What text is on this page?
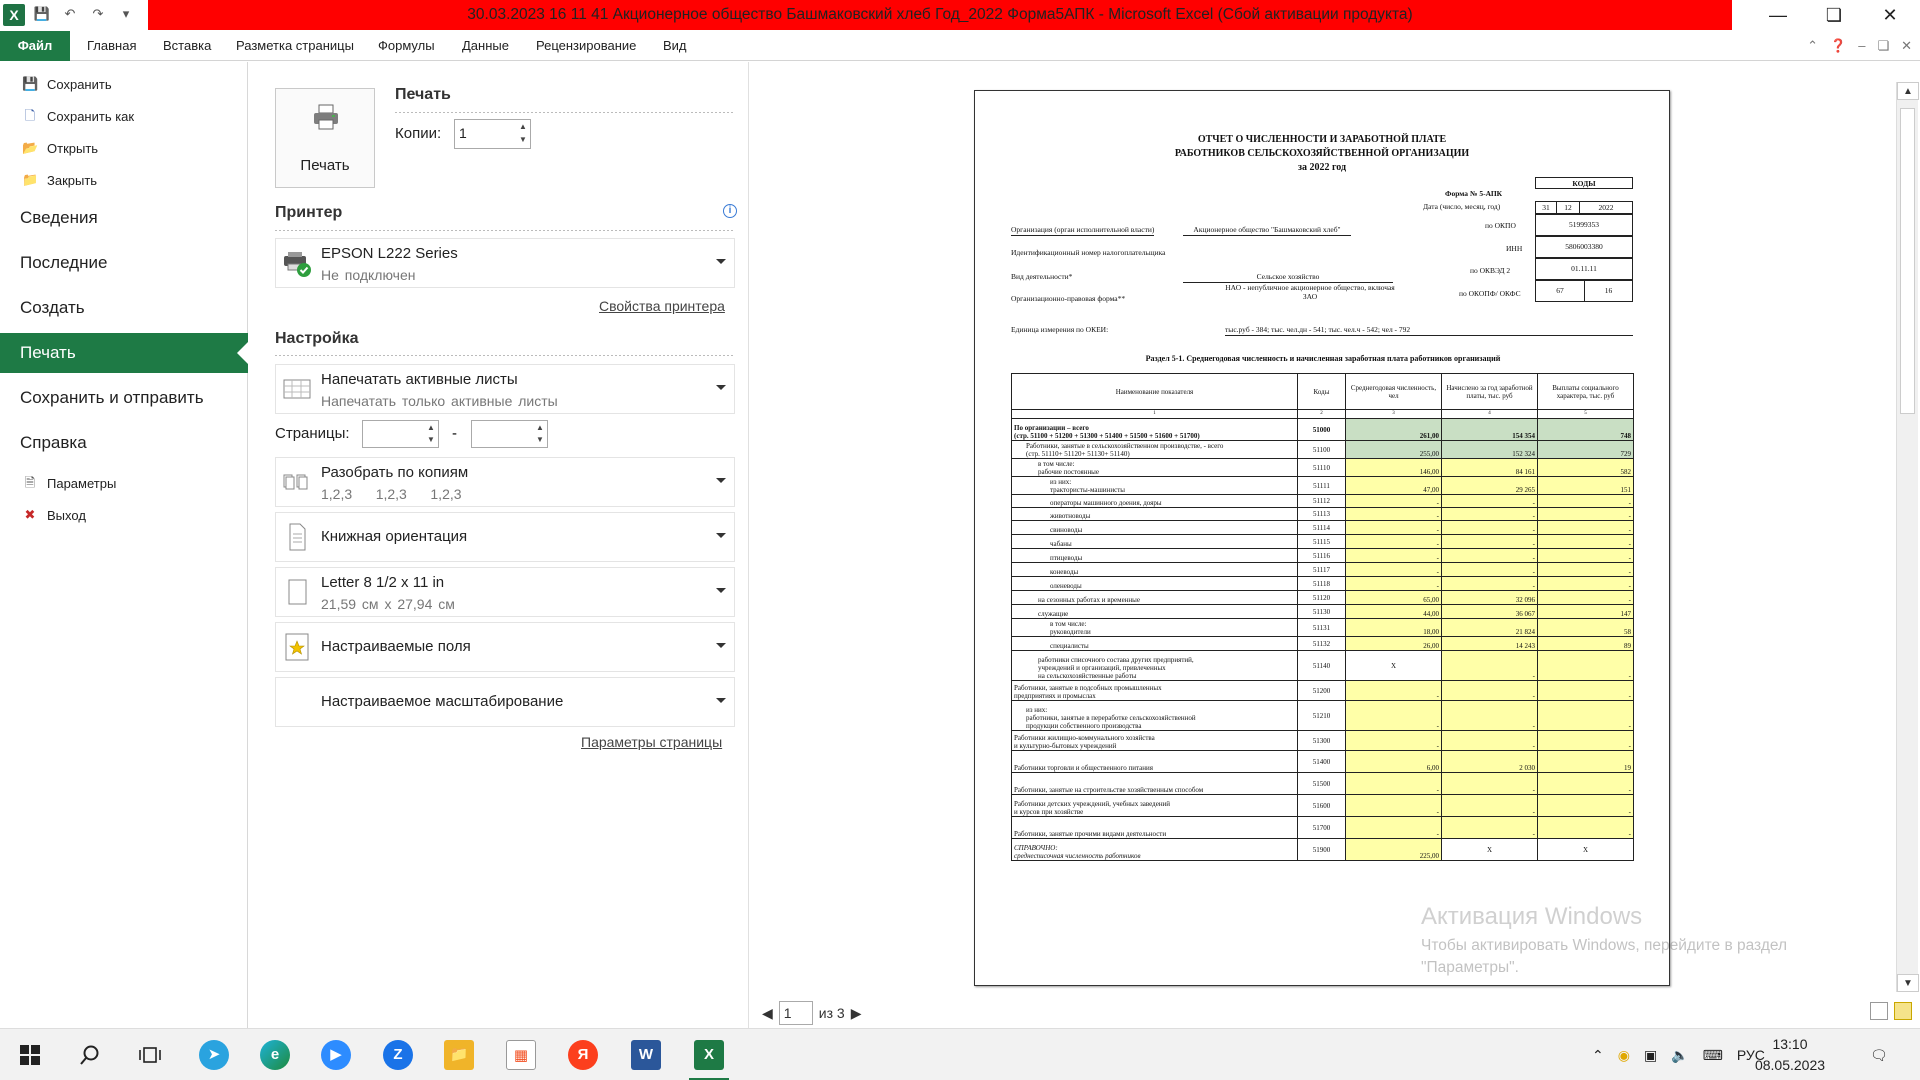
X	💾	↶	↷	▾	30.03.2023 16 11 41 Акционерное общество Башмаковский хлеб Год_2022 Форма5АПК - Microsoft Excel (Сбой активации продукта)	—	❏	✕
Файл	Главная Вставка Разметка страницы Формулы Данные Рецензирование Вид	⌃ ❓ – ❏ ✕
💾 Сохранить
🗋 Сохранить как
📂 Открыть
📁 Закрыть
Сведения
Последние
Создать
Печать
Сохранить и отправить
Справка
🗎 Параметры
✖ Выход
Печать
Печать
Копии:	1	▲
▼
Принтер	i
EPSON L222 Series
Не подключен
Свойства принтера
Настройка
Напечатать активные листы
Напечатать только активные листы
Страницы:	▲
▼ -	▲
▼
Разобрать по копиям
1,2,3    1,2,3    1,2,3
Книжная ориентация
Letter 8 1/2 x 11 in
21,59 см x 27,94 см
Настраиваемые поля
Настраиваемое масштабирование
Параметры страницы
ОТЧЕТ О ЧИСЛЕННОСТИ И ЗАРАБОТНОЙ ПЛАТЕ
РАБОТНИКОВ СЕЛЬСКОХОЗЯЙСТВЕННОЙ ОРГАНИЗАЦИИ
за 2022 год
КОДЫ
Форма № 5-АПК
Дата (число, месяц, год)	31	12	2022
Организация (орган исполнительной власти)	Акционерное общество "Башмаковский хлеб"	по ОКПО	51999353
Идентификационный номер налогоплательщика	ИНН	5806003380
Вид деятельности*	Сельское хозяйство
по ОКВЭД 2	01.11.11
Организационно-правовая форма**
НАО - непубличное акционерное общество, включая ЗАО	по ОКОПФ/ ОКФС	67	16
Единица измерения по ОКЕИ:	тыс.руб - 384; тыс. чел.дн - 541; тыс. чел.ч - 542; чел - 792
Раздел 5-1. Среднегодовая численность и начисленная заработная плата работников организаций
Наименование показателя	Коды	Среднегодовая численность, чел	Начислено за год заработной платы, тыс. руб	Выплаты социального характера, тыс. руб
1	2	3	4	5
По организации – всего
(стр. 51100 + 51200 + 51300 + 51400 + 51500 + 51600 + 51700)	51000	261,00	154 354	748
Работники, занятые в сельскохозяйственном производстве, - всего
(стр. 51110+ 51120+ 51130+ 51140)	51100	255,00	152 324	729
в том числе:
рабочие постоянные	51110	146,00	84 161	582
из них:
трактористы-машинисты	51111	47,00	29 265	151
операторы машинного доения, дояры	51112	-	-	-
животноводы	51113	-	-	-
свиноводы	51114	-	-	-
чабаны	51115	-	-	-
птицеводы	51116	-	-	-
коневоды	51117	-	-	-
оленеводы	51118	-	-	-
на сезонных работах и временные	51120	65,00	32 096	-
служащие	51130	44,00	36 067	147
в том числе:
руководители	51131	18,00	21 824	58
специалисты	51132	26,00	14 243	89
работники списочного состава других предприятий,
учреждений и организаций, привлеченных
на сельскохозяйственные работы	51140	X	-	-
Работники, занятые в подсобных промышленных
предприятиях и промыслах	51200	-	-	-
из них:
работники, занятые в переработке сельскохозяйственной
продукции собственного производства	51210	-	-	-
Работники жилищно-коммунального хозяйства
и культурно-бытовых учреждений	51300	-	-	-
Работники торговли и общественного питания	51400	6,00	2 030	19
Работники, занятые на строительстве хозяйственным способом	51500	-	-	-
Работники детских учреждений, учебных заведений
и курсов при хозяйстве	51600	-	-	-
Работники, занятые прочими видами деятельности	51700	-	-	-
СПРАВОЧНО:
среднесписочная численность работников	51900	225,00	X	X
▲
▼
◀ 1	из 3 ▶
Активация Windows
Чтобы активировать Windows, перейдите в раздел
"Параметры".
➤	e	▶	Z	📁	▦	Я	W	X	⌃ ◉ ▣ 🔈 ⌨ РУС
13:10
08.05.2023
🗨
